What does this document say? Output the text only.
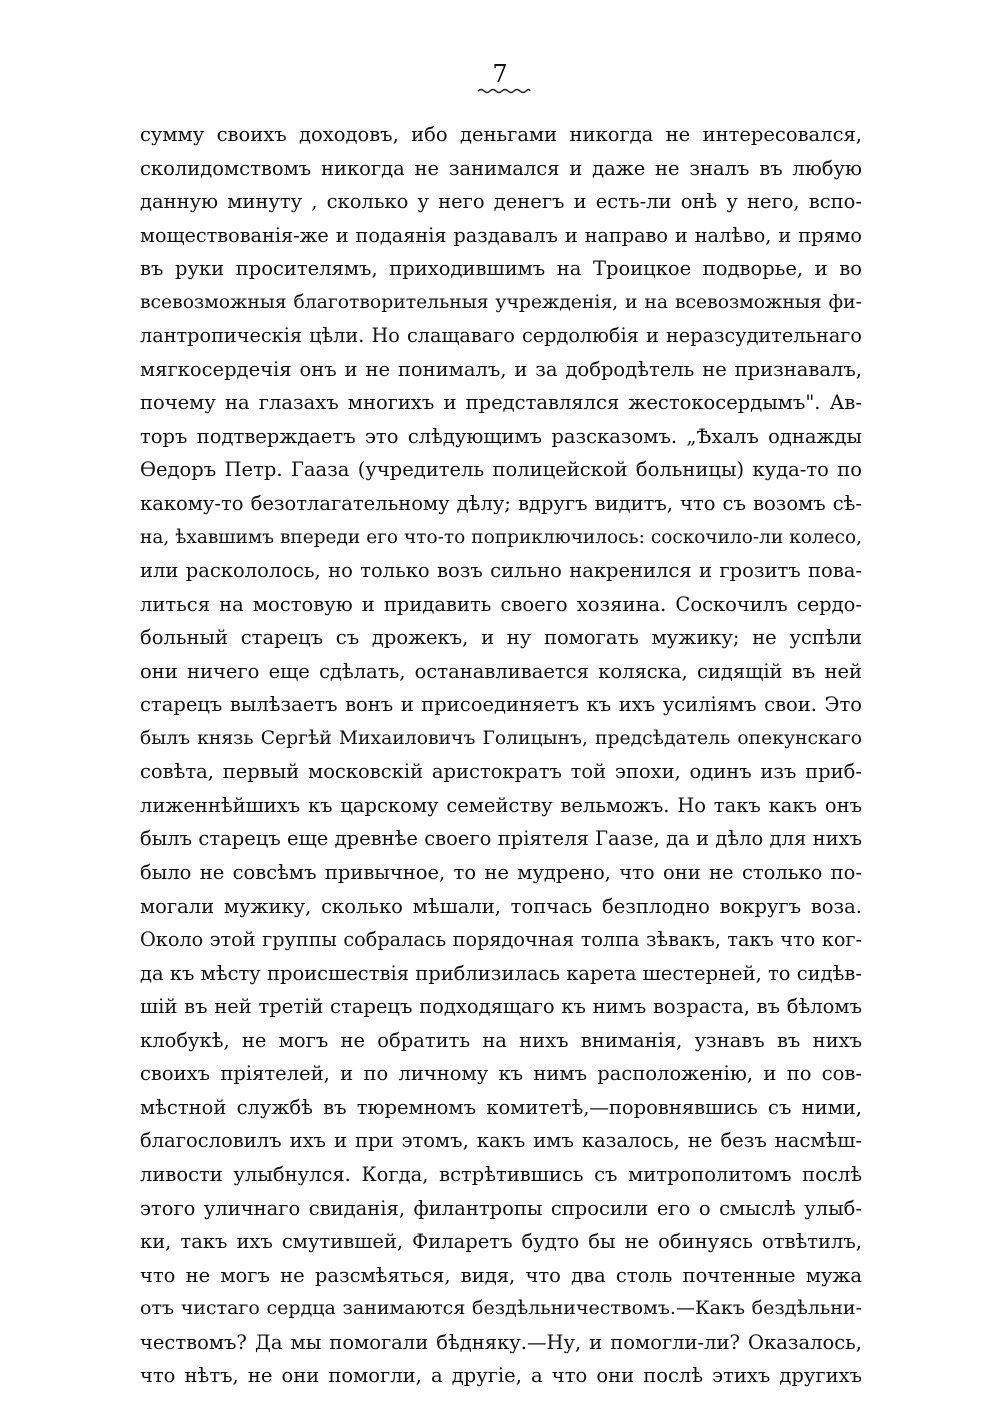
7
сумму своихъ доходовъ, ибо деньгами никогда не интересовался,
сколидомствомъ никогда не занимался и даже не зналъ въ любую
данную минуту , сколько у него денегъ и есть-ли онѣ у него, вспо-
моществованія-же и подаянія раздавалъ и направо и налѣво, и прямо
въ руки просителямъ, приходившимъ на Троицкое подворье, и во
всевозможныя благотворительныя учрежденія, и на всевозможныя фи-
лантропическія цѣли. Но слащаваго сердолюбія и неразсудительнаго
мягкосердечія онъ и не понималъ, и за добродѣтель не признавалъ,
почему на глазахъ многихъ и представлялся жестокосердымъ". Ав-
торъ подтверждаетъ это слѣдующимъ разсказомъ. „Ѣхалъ однажды
Ѳедоръ Петр. Гааза (учредитель полицейской больницы) куда-то по
какому-то безотлагательному дѣлу; вдругъ видитъ, что съ возомъ сѣ-
на, ѣхавшимъ впереди его что-то поприключилось: соскочило-ли колесо,
или раскололось, но только возъ сильно накренился и грозитъ пова-
литься на мостовую и придавить своего хозяина. Соскочилъ сердо-
больный старецъ съ дрожекъ, и ну помогать мужику; не успѣли
они ничего еще сдѣлать, останавливается коляска, сидящій въ ней
старецъ вылѣзаетъ вонъ и присоединяетъ къ ихъ усиліямъ свои. Это
былъ князь Сергѣй Михаиловичъ Голицынъ, предсѣдатель опекунскаго
совѣта, первый московскій аристократъ той эпохи, одинъ изъ приб-
лиженнѣйшихъ къ царскому семейству вельможъ. Но такъ какъ онъ
былъ старецъ еще древнѣе своего пріятеля Гаазе, да и дѣло для нихъ
было не совсѣмъ привычное, то не мудрено, что они не столько по-
могали мужику, сколько мѣшали, топчась безплодно вокругъ воза.
Около этой группы собралась порядочная толпа зѣвакъ, такъ что ког-
да къ мѣсту происшествія приблизилась карета шестерней, то сидѣв-
шій въ ней третій старецъ подходящаго къ нимъ возраста, въ бѣломъ
клобукѣ, не могъ не обратить на нихъ вниманія, узнавъ въ нихъ
своихъ пріятелей, и по личному къ нимъ расположенію, и по сов-
мѣстной службѣ въ тюремномъ комитетѣ,—поровнявшись съ ними,
благословилъ ихъ и при этомъ, какъ имъ казалось, не безъ насмѣш-
ливости улыбнулся. Когда, встрѣтившись съ митрополитомъ послѣ
этого уличнаго свиданія, филантропы спросили его о смыслѣ улыб-
ки, такъ ихъ смутившей, Филаретъ будто бы не обинуясь отвѣтилъ,
что не могъ не разсмѣяться, видя, что два столь почтенные мужа
отъ чистаго сердца занимаются бездѣльничествомъ.—Какъ бездѣльни-
чествомъ? Да мы помогали бѣдняку.—Ну, и помогли-ли? Оказалось,
что нѣтъ, не они помогли, а другіе, а что они послѣ этихъ другихъ
